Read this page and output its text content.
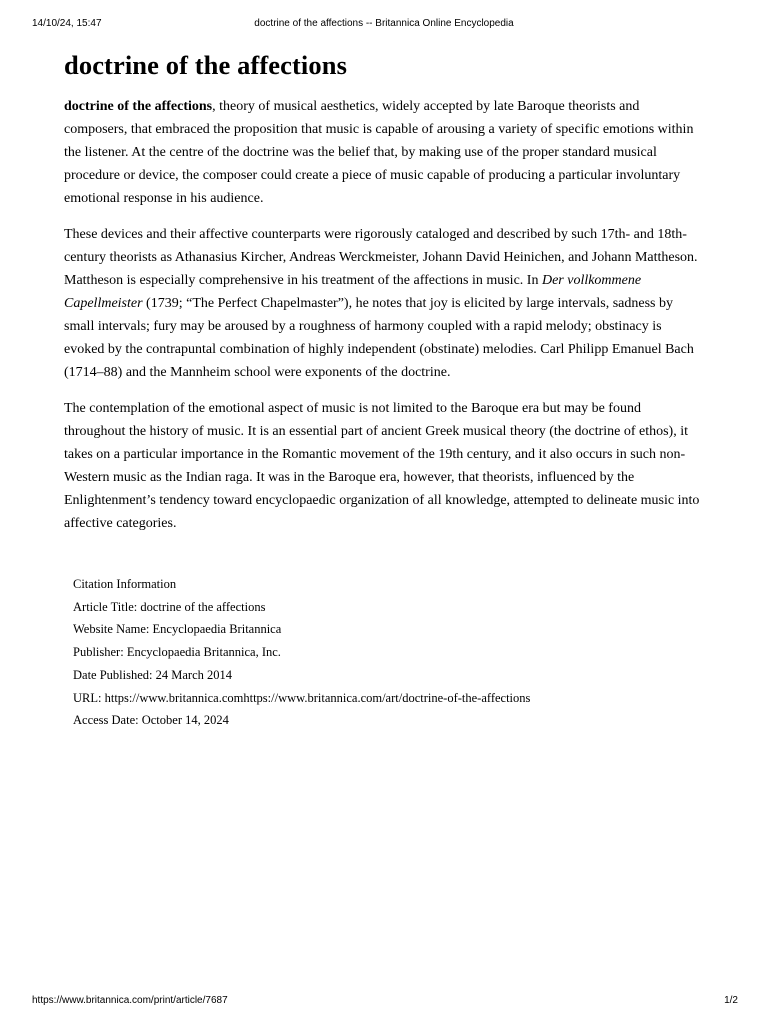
14/10/24, 15:47	doctrine of the affections -- Britannica Online Encyclopedia
doctrine of the affections

doctrine of the affections, theory of musical aesthetics, widely accepted by late Baroque theorists and composers, that embraced the proposition that music is capable of arousing a variety of specific emotions within the listener. At the centre of the doctrine was the belief that, by making use of the proper standard musical procedure or device, the composer could create a piece of music capable of producing a particular involuntary emotional response in his audience.

These devices and their affective counterparts were rigorously cataloged and described by such 17th- and 18th-century theorists as Athanasius Kircher, Andreas Werckmeister, Johann David Heinichen, and Johann Mattheson. Mattheson is especially comprehensive in his treatment of the affections in music. In Der vollkommene Capellmeister (1739; “The Perfect Chapelmaster”), he notes that joy is elicited by large intervals, sadness by small intervals; fury may be aroused by a roughness of harmony coupled with a rapid melody; obstinacy is evoked by the contrapuntal combination of highly independent (obstinate) melodies. Carl Philipp Emanuel Bach (1714–88) and the Mannheim school were exponents of the doctrine.

The contemplation of the emotional aspect of music is not limited to the Baroque era but may be found throughout the history of music. It is an essential part of ancient Greek musical theory (the doctrine of ethos), it takes on a particular importance in the Romantic movement of the 19th century, and it also occurs in such non-Western music as the Indian raga. It was in the Baroque era, however, that theorists, influenced by the Enlightenment’s tendency toward encyclopaedic organization of all knowledge, attempted to delineate music into affective categories.

Citation Information
Article Title: doctrine of the affections
Website Name: Encyclopaedia Britannica
Publisher: Encyclopaedia Britannica, Inc.
Date Published: 24 March 2014
URL: https://www.britannica.comhttps://www.britannica.com/art/doctrine-of-the-affections
Access Date: October 14, 2024
https://www.britannica.com/print/article/7687	1/2
